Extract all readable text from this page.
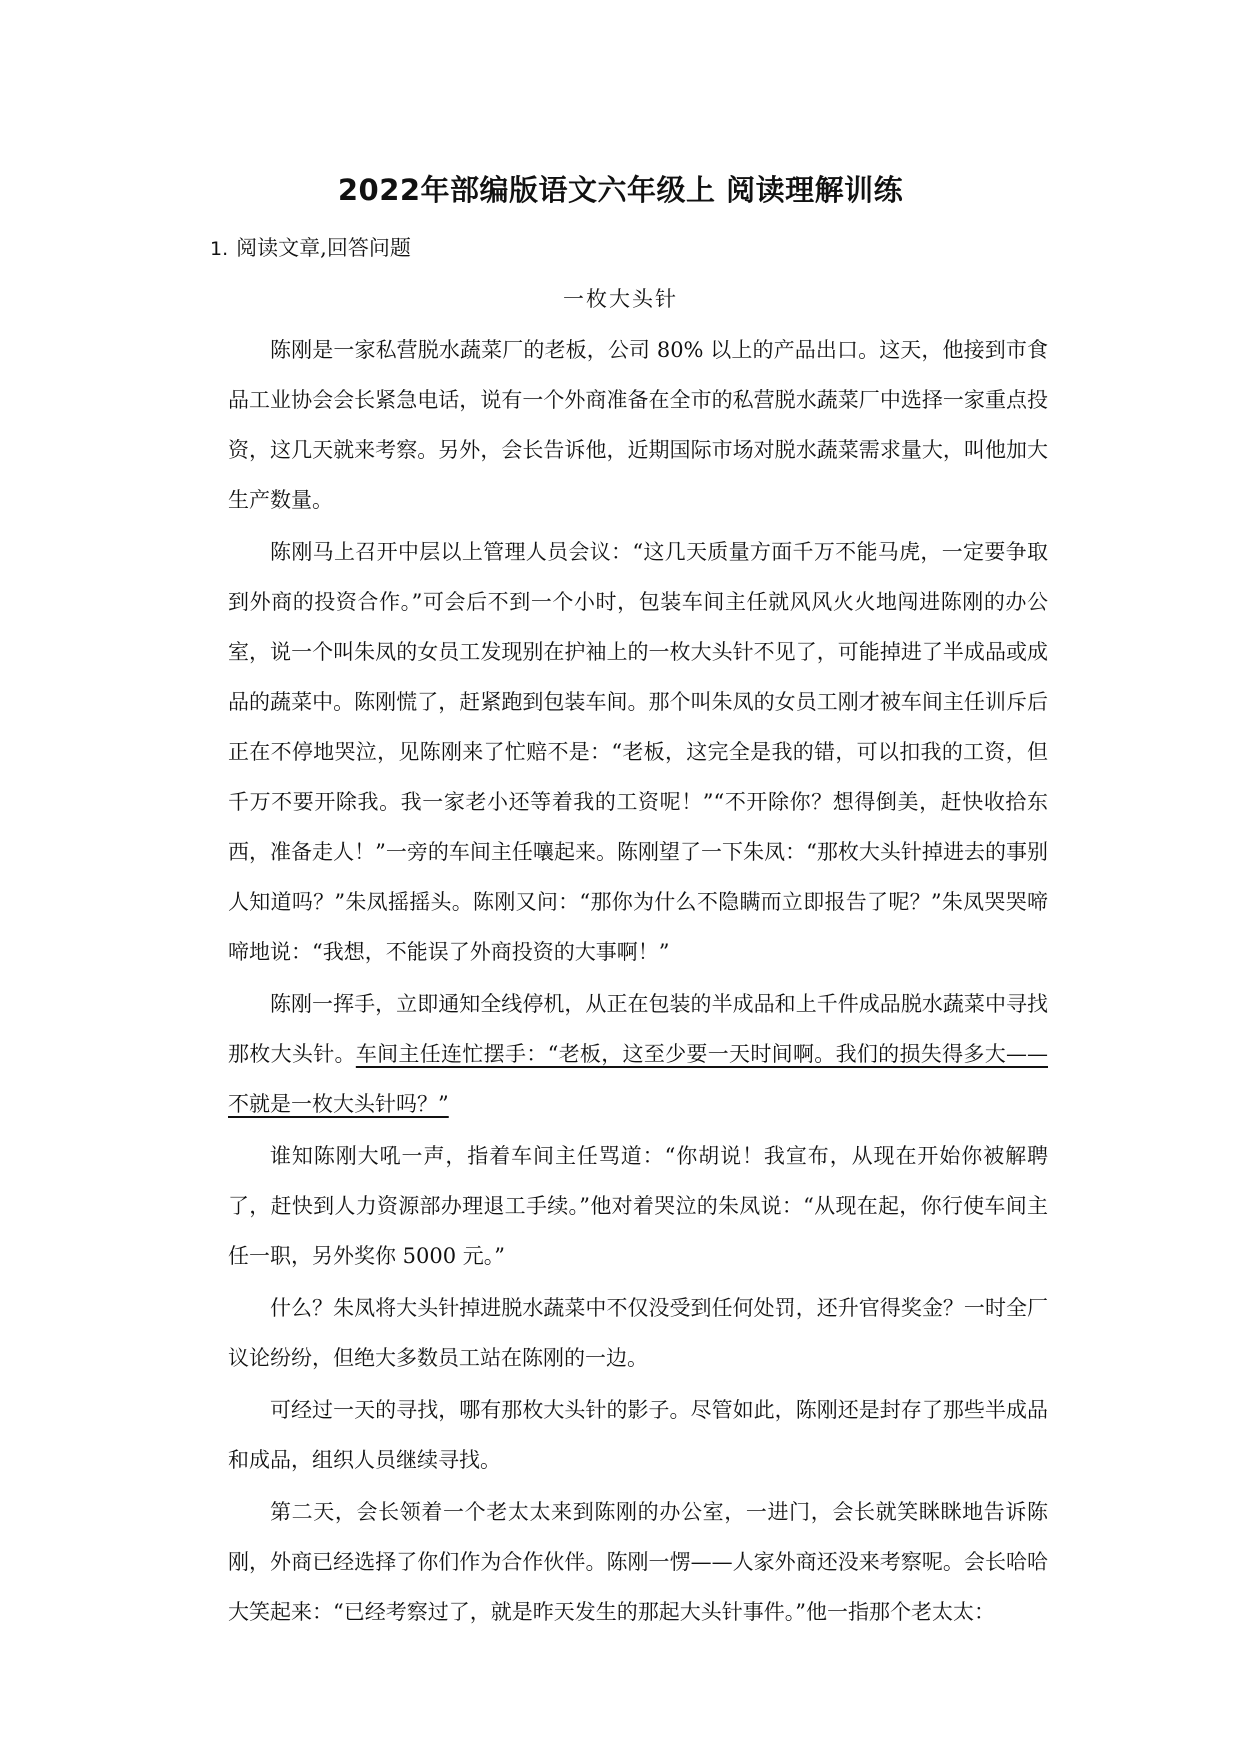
2022年部编版语文六年级上 阅读理解训练
1. 阅读文章,回答问题
一枚大头针

陈刚是一家私营脱水蔬菜厂的老板，公司 80% 以上的产品出口。这天，他接到市食品工业协会会长紧急电话，说有一个外商准备在全市的私营脱水蔬菜厂中选择一家重点投资，这几天就来考察。另外，会长告诉他，近期国际市场对脱水蔬菜需求量大，叫他加大生产数量。

陈刚马上召开中层以上管理人员会议：“这几天质量方面千万不能马虎，一定要争取到外商的投资合作。”可会后不到一个小时，包装车间主任就风风火火地闯进陈刚的办公室，说一个叫朱凤的女员工发现别在护袖上的一枚大头针不见了，可能掉进了半成品或成品的蔬菜中。陈刚慌了，赶紧跑到包装车间。那个叫朱凤的女员工刚才被车间主任训斥后正在不停地哭泣，见陈刚来了忙赔不是：“老板，这完全是我的错，可以扣我的工资，但千万不要开除我。我一家老小还等着我的工资呢！”“不开除你？想得倒美，赶快收拾东西，准备走人！”一旁的车间主任嚷起来。陈刚望了一下朱凤：“那枚大头针掉进去的事别人知道吗？”朱凤摇摇头。陈刚又问：“那你为什么不隐瞒而立即报告了呢？”朱凤哭哭啼啼地说：“我想，不能误了外商投资的大事啊！”

陈刚一挥手，立即通知全线停机，从正在包装的半成品和上千件成品脱水蔬菜中寻找那枚大头针。车间主任连忙摆手：“老板，这至少要一天时间啊。我们的损失得多大——不就是一枚大头针吗？”

谁知陈刚大吼一声，指着车间主任骂道：“你胡说！我宣布，从现在开始你被解聘了，赶快到人力资源部办理退工手续。”他对着哭泣的朱凤说：“从现在起，你行使车间主任一职，另外奖你 5000 元。”

什么？朱凤将大头针掉进脱水蔬菜中不仅没受到任何处罚，还升官得奖金？一时全厂议论纷纷，但绝大多数员工站在陈刚的一边。

可经过一天的寻找，哪有那枚大头针的影子。尽管如此，陈刚还是封存了那些半成品和成品，组织人员继续寻找。

第二天，会长领着一个老太太来到陈刚的办公室，一进门，会长就笑眯眯地告诉陈刚，外商已经选择了你们作为合作伙伴。陈刚一愣——人家外商还没来考察呢。会长哈哈大笑起来：“已经考察过了，就是昨天发生的那起大头针事件。”他一指那个老太太：
